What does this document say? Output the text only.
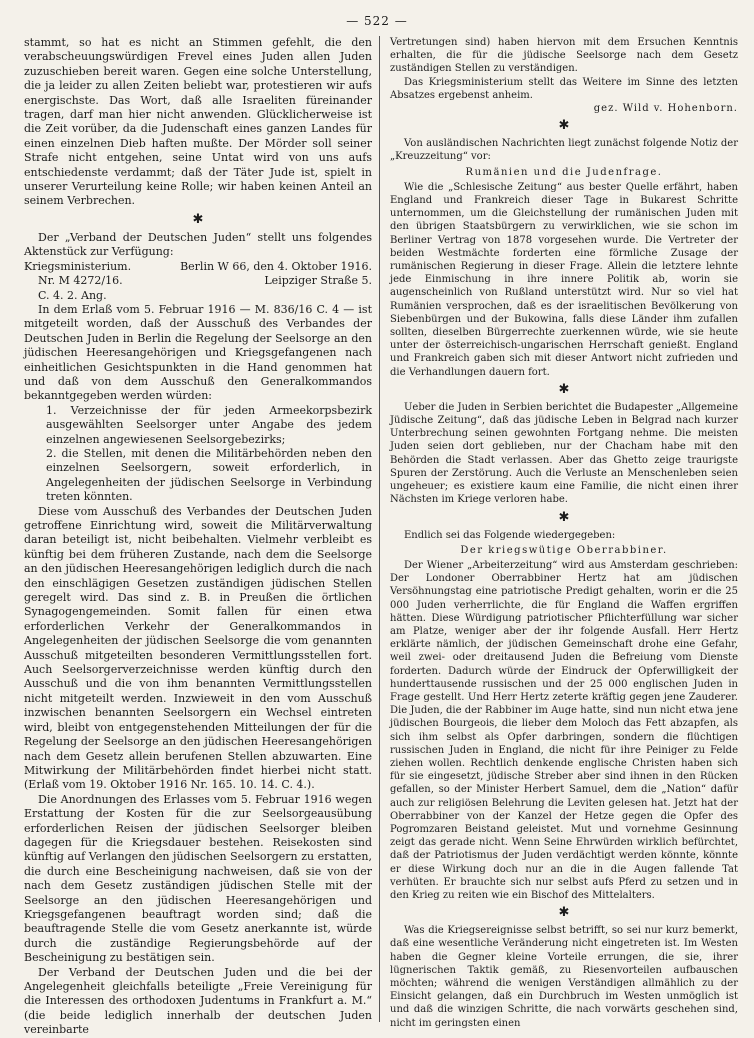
— 522 —

stammt, so hat es nicht an Stimmen gefehlt, die den verabscheuungswürdigen Frevel eines Juden allen Juden zuzuschieben bereit waren. Gegen eine solche Unterstellung, die ja leider zu allen Zeiten beliebt war, protestieren wir aufs energischste. Das Wort, daß alle Israeliten füreinander tragen, darf man hier nicht anwenden. Glücklicherweise ist die Zeit vorüber, da die Judenschaft eines ganzen Landes für einen einzelnen Dieb haften mußte. Der Mörder soll seiner Strafe nicht entgehen, seine Untat wird von uns aufs entschiedenste verdammt; daß der Täter Jude ist, spielt in unserer Verurteilung keine Rolle; wir haben keinen Anteil an seinem Verbrechen.

✱

Der „Verband der Deutschen Juden“ stellt uns folgendes Aktenstück zur Verfügung:

Kriegsministerium.	Berlin W 66, den 4. Oktober 1916.
Nr. M 4272/16.	Leipziger Straße 5.
C. 4. 2. Ang.

In dem Erlaß vom 5. Februar 1916 — M. 836/16 C. 4 — ist mitgeteilt worden, daß der Ausschuß des Verbandes der Deutschen Juden in Berlin die Regelung der Seelsorge an den jüdischen Heeresangehörigen und Kriegsgefangenen nach einheitlichen Gesichtspunkten in die Hand genommen hat und daß von dem Ausschuß den Generalkommandos bekanntgegeben werden würden:

1. Verzeichnisse der für jeden Armeekorpsbezirk ausgewählten Seelsorger unter Angabe des jedem einzelnen angewiesenen Seelsorgebezirks;
2. die Stellen, mit denen die Militärbehörden neben den einzelnen Seelsorgern, soweit erforderlich, in Angelegenheiten der jüdischen Seelsorge in Verbindung treten könnten.

Diese vom Ausschuß des Verbandes der Deutschen Juden getroffene Einrichtung wird, soweit die Militärverwaltung daran beteiligt ist, nicht beibehalten. Vielmehr verbleibt es künftig bei dem früheren Zustande, nach dem die Seelsorge an den jüdischen Heeresangehörigen lediglich durch die nach den einschlägigen Gesetzen zuständigen jüdischen Stellen geregelt wird. Das sind z. B. in Preußen die örtlichen Synagogengemeinden. Somit fallen für einen etwa erforderlichen Verkehr der Generalkommandos in Angelegenheiten der jüdischen Seelsorge die vom genannten Ausschuß mitgeteilten besonderen Vermittlungsstellen fort. Auch Seelsorgerverzeichnisse werden künftig durch den Ausschuß und die von ihm benannten Vermittlungsstellen nicht mitgeteilt werden. Inzwieweit in den vom Ausschuß inzwischen benannten Seelsorgern ein Wechsel eintreten wird, bleibt von entgegenstehenden Mitteilungen der für die Regelung der Seelsorge an den jüdischen Heeresangehörigen nach dem Gesetz allein berufenen Stellen abzuwarten. Eine Mitwirkung der Militärbehörden findet hierbei nicht statt. (Erlaß vom 19. Oktober 1916 Nr. 165. 10. 14. C. 4.).

Die Anordnungen des Erlasses vom 5. Februar 1916 wegen Erstattung der Kosten für die zur Seelsorgeausübung erforderlichen Reisen der jüdischen Seelsorger bleiben dagegen für die Kriegsdauer bestehen. Reisekosten sind künftig auf Verlangen den jüdischen Seelsorgern zu erstatten, die durch eine Bescheinigung nachweisen, daß sie von der nach dem Gesetz zuständigen jüdischen Stelle mit der Seelsorge an den jüdischen Heeresangehörigen und Kriegsgefangenen beauftragt worden sind; daß die beauftragende Stelle die vom Gesetz anerkannte ist, würde durch die zuständige Regierungsbehörde auf der Bescheinigung zu bestätigen sein.

Der Verband der Deutschen Juden und die bei der Angelegenheit gleichfalls beteiligte „Freie Vereinigung für die Interessen des orthodoxen Judentums in Frankfurt a. M.“ (die beide lediglich innerhalb der deutschen Juden vereinbarte

Vertretungen sind) haben hiervon mit dem Ersuchen Kenntnis erhalten, die für die jüdische Seelsorge nach dem Gesetz zuständigen Stellen zu verständigen.

Das Kriegsministerium stellt das Weitere im Sinne des letzten Absatzes ergebenst anheim.

gez. Wild v. Hohenborn.
✱

Von ausländischen Nachrichten liegt zunächst folgende Notiz der „Kreuzzeitung“ vor:

Rumänien und die Judenfrage.

Wie die „Schlesische Zeitung“ aus bester Quelle erfährt, haben England und Frankreich dieser Tage in Bukarest Schritte unternommen, um die Gleichstellung der rumänischen Juden mit den übrigen Staatsbürgern zu verwirklichen, wie sie schon im Berliner Vertrag von 1878 vorgesehen wurde. Die Vertreter der beiden Westmächte forderten eine förmliche Zusage der rumänischen Regierung in dieser Frage. Allein die letztere lehnte jede Einmischung in ihre innere Politik ab, worin sie augenscheinlich von Rußland unterstützt wird. Nur so viel hat Rumänien versprochen, daß es der israelitischen Bevölkerung von Siebenbürgen und der Bukowina, falls diese Länder ihm zufallen sollten, dieselben Bürgerrechte zuerkennen würde, wie sie heute unter der österreichisch-ungarischen Herrschaft genießt. England und Frankreich gaben sich mit dieser Antwort nicht zufrieden und die Verhandlungen dauern fort.

✱

Ueber die Juden in Serbien berichtet die Budapester „Allgemeine Jüdische Zeitung“, daß das jüdische Leben in Belgrad nach kurzer Unterbrechung seinen gewohnten Fortgang nehme. Die meisten Juden seien dort geblieben, nur der Chacham habe mit den Behörden die Stadt verlassen. Aber das Ghetto zeige traurigste Spuren der Zerstörung. Auch die Verluste an Menschenleben seien ungeheuer; es existiere kaum eine Familie, die nicht einen ihrer Nächsten im Kriege verloren habe.

✱

Endlich sei das Folgende wiedergegeben:

Der kriegswütige Oberrabbiner.

Der Wiener „Arbeiterzeitung“ wird aus Amsterdam geschrieben: Der Londoner Oberrabbiner Hertz hat am jüdischen Versöhnungstag eine patriotische Predigt gehalten, worin er die 25 000 Juden verherrlichte, die für England die Waffen ergriffen hätten. Diese Würdigung patriotischer Pflichterfüllung war sicher am Platze, weniger aber der ihr folgende Ausfall. Herr Hertz erklärte nämlich, der jüdischen Gemeinschaft drohe eine Gefahr, weil zwei- oder dreitausend Juden die Befreiung vom Dienste forderten. Dadurch würde der Eindruck der Opferwilligkeit der hunderttausende russischen und der 25 000 englischen Juden in Frage gestellt. Und Herr Hertz zeterte kräftig gegen jene Zauderer. Die Juden, die der Rabbiner im Auge hatte, sind nun nicht etwa jene jüdischen Bourgeois, die lieber dem Moloch das Fett abzapfen, als sich ihm selbst als Opfer darbringen, sondern die flüchtigen russischen Juden in England, die nicht für ihre Peiniger zu Felde ziehen wollen. Rechtlich denkende englische Christen haben sich für sie eingesetzt, jüdische Streber aber sind ihnen in den Rücken gefallen, so der Minister Herbert Samuel, dem die „Nation“ dafür auch zur religiösen Belehrung die Leviten gelesen hat. Jetzt hat der Oberrabbiner von der Kanzel der Hetze gegen die Opfer des Pogromzaren Beistand geleistet. Mut und vornehme Gesinnung zeigt das gerade nicht. Wenn Seine Ehrwürden wirklich befürchtet, daß der Patriotismus der Juden verdächtigt werden könnte, könnte er diese Wirkung doch nur an die in die Augen fallende Tat verhüten. Er brauchte sich nur selbst aufs Pferd zu setzen und in den Krieg zu reiten wie ein Bischof des Mittelalters.

✱

Was die Kriegsereignisse selbst betrifft, so sei nur kurz bemerkt, daß eine wesentliche Veränderung nicht eingetreten ist. Im Westen haben die Gegner kleine Vorteile errungen, die sie, ihrer lügnerischen Taktik gemäß, zu Riesenvorteilen aufbauschen möchten; während die wenigen Verständigen allmählich zu der Einsicht gelangen, daß ein Durchbruch im Westen unmöglich ist und daß die winzigen Schritte, die nach vorwärts geschehen sind, nicht im geringsten einen
